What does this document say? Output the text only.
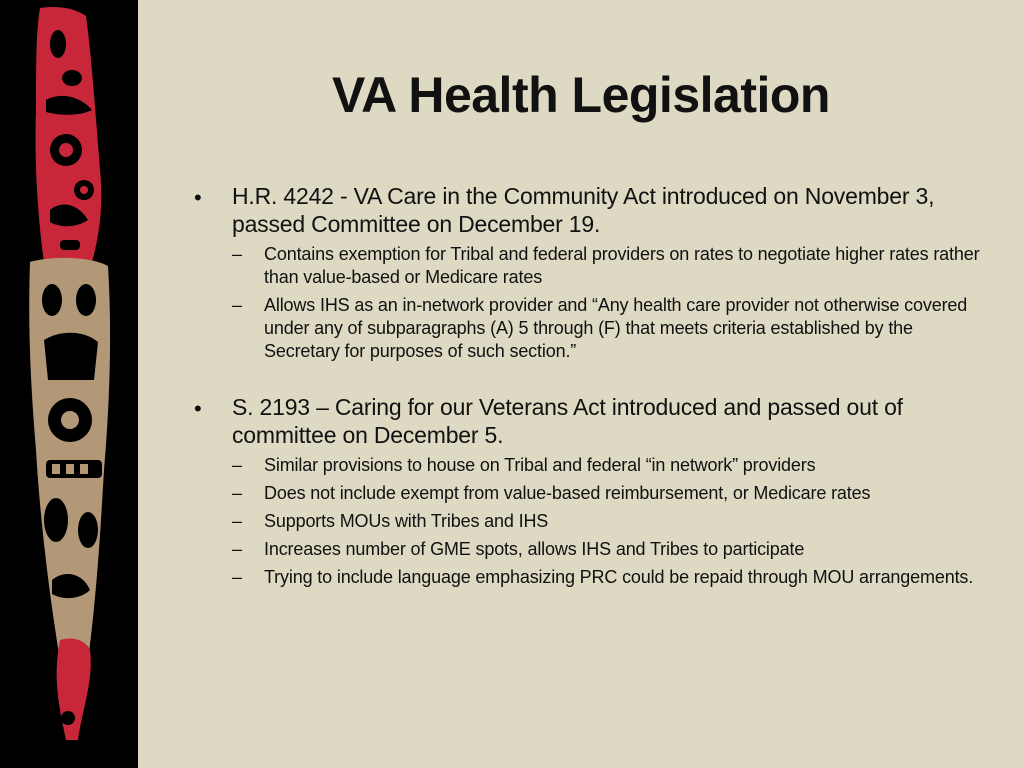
VA Health Legislation
• H.R. 4242 - VA Care in the Community Act introduced on November 3, passed Committee on December 19.
– Contains exemption for Tribal and federal providers on rates to negotiate higher rates rather than value-based or Medicare rates
– Allows IHS as an in-network provider and “Any health care provider not otherwise covered under any of subparagraphs (A) 5 through (F) that meets criteria established by the Secretary for purposes of such section.”
• S. 2193 – Caring for our Veterans Act introduced and passed out of committee on December 5.
– Similar provisions to house on Tribal and federal “in network” providers
– Does not include exempt from value-based reimbursement, or Medicare rates
– Supports MOUs with Tribes and IHS
– Increases number of GME spots, allows IHS and Tribes to participate
– Trying to include language emphasizing PRC could be repaid through MOU arrangements.
